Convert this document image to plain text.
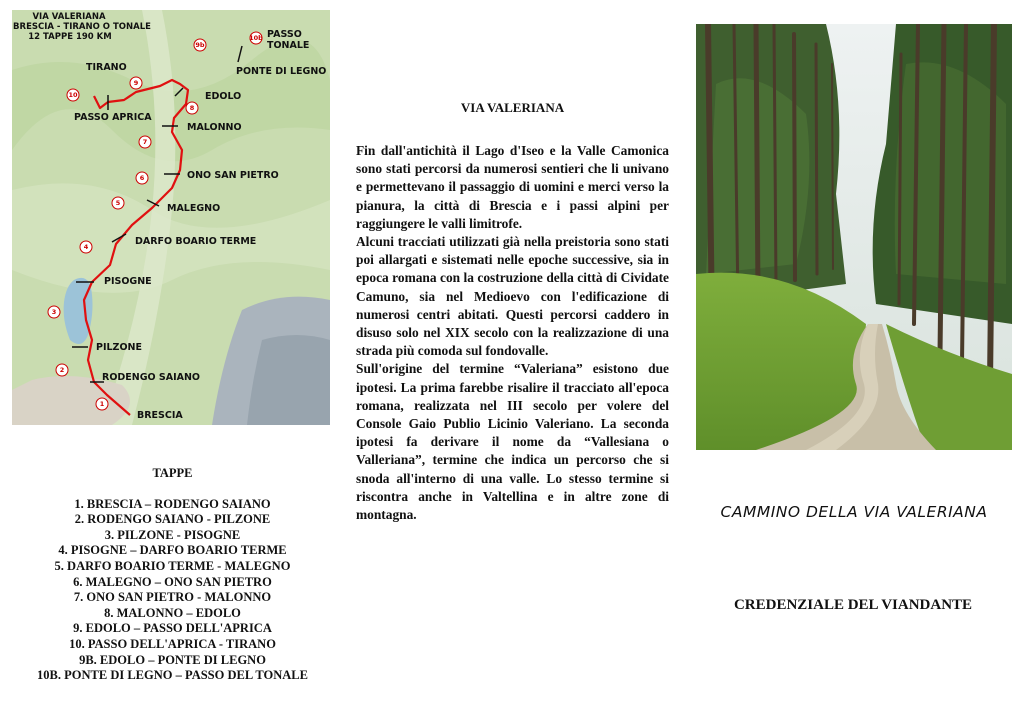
9b
10b
10
9
8
7
6
5
4
3
2
1
VIA VALERIANA
BRESCIA - TIRANO O TONALE
12 TAPPE 190 KM	PASSO
TONALE
PONTE DI LEGNO
TIRANO
EDOLO
PASSO APRICA
MALONNO
ONO SAN PIETRO
MALEGNO
DARFO BOARIO TERME
PISOGNE
PILZONE
RODENGO SAIANO
BRESCIA
TAPPE
1. BRESCIA – RODENGO SAIANO
2. RODENGO SAIANO - PILZONE
3. PILZONE - PISOGNE
4. PISOGNE – DARFO BOARIO TERME
5. DARFO BOARIO TERME - MALEGNO
6. MALEGNO – ONO SAN PIETRO
7. ONO SAN PIETRO - MALONNO
8. MALONNO – EDOLO
9. EDOLO – PASSO DELL'APRICA
10. PASSO DELL'APRICA - TIRANO
9B. EDOLO – PONTE DI LEGNO
10B. PONTE DI LEGNO – PASSO DEL TONALE
VIA VALERIANA

Fin dall'antichità il Lago d'Iseo e la Valle Camonica sono stati percorsi da numerosi sentieri che li univano e permettevano il passaggio di uomini e merci verso la pianura, la città di Brescia e i passi alpini per raggiungere le valli limitrofe.

Alcuni tracciati utilizzati già nella preistoria sono stati poi allargati e sistemati nelle epoche successive, sia in epoca romana con la costruzione della città di Cividate Camuno, sia nel Medioevo con l'edificazione di numerosi centri abitati. Questi percorsi caddero in disuso solo nel XIX secolo con la realizzazione di una strada più comoda sul fondovalle.

Sull'origine del termine “Valeriana” esistono due ipotesi. La prima farebbe risalire il tracciato all'epoca romana, realizzata nel III secolo per volere del Console Gaio Publio Licinio Valeriano. La seconda ipotesi fa derivare il nome da “Vallesiana o Valleriana”, termine che indica un percorso che si snoda all'interno di una valle. Lo stesso termine si riscontra anche in Valtellina e in altre zone di montagna.	CAMMINO DELLA VIA VALERIANA
CREDENZIALE DEL VIANDANTE
